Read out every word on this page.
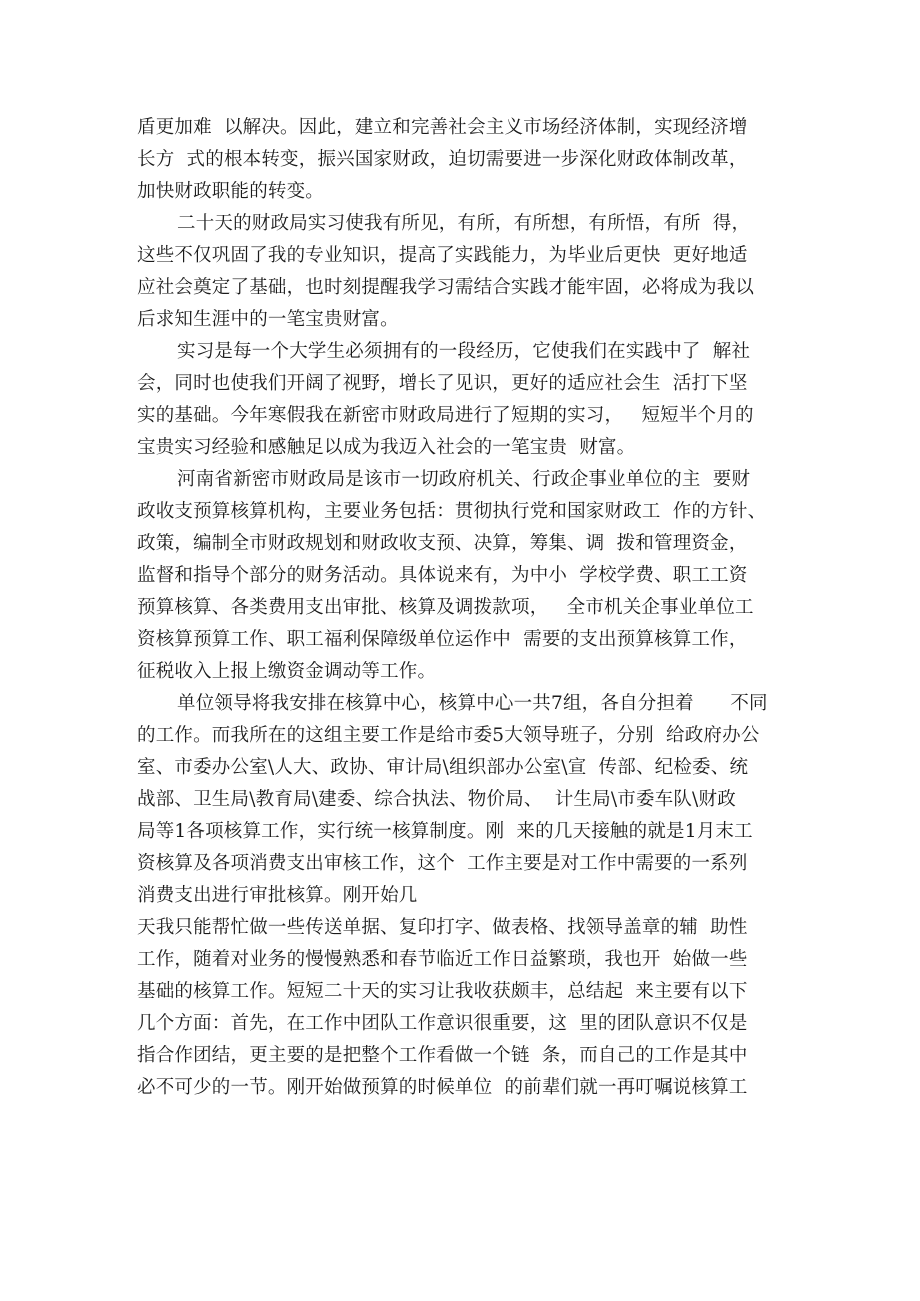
盾更加难  以解决。因此，建立和完善社会主义市场经济体制，实现经济增

长方  式的根本转变，振兴国家财政，迫切需要进一步深化财政体制改革，

加快财政职能的转变。

二十天的财政局实习使我有所见，有所，有所想，有所悟，有所  得，

这些不仅巩固了我的专业知识，提高了实践能力，为毕业后更快  更好地适

应社会奠定了基础，也时刻提醒我学习需结合实践才能牢固，必将成为我以

后求知生涯中的一笔宝贵财富。

实习是每一个大学生必须拥有的一段经历，它使我们在实践中了  解社

会，同时也使我们开阔了视野，增长了见识，更好的适应社会生  活打下坚

实的基础。今年寒假我在新密市财政局进行了短期的实习，   短短半个月的

宝贵实习经验和感触足以成为我迈入社会的一笔宝贵  财富。

河南省新密市财政局是该市一切政府机关、行政企事业单位的主  要财

政收支预算核算机构，主要业务包括：贯彻执行党和国家财政工  作的方针、

政策，编制全市财政规划和财政收支预、决算，筹集、调  拨和管理资金，

监督和指导个部分的财务活动。具体说来有，为中小  学校学费、职工工资

预算核算、各类费用支出审批、核算及调拨款项，   全市机关企事业单位工

资核算预算工作、职工福利保障级单位运作中  需要的支出预算核算工作，

征税收入上报上缴资金调动等工作。

单位领导将我安排在核算中心，核算中心一共7组，各自分担着      不同

的工作。而我所在的这组主要工作是给市委5大领导班子，分别  给政府办公

室、市委办公室\人大、政协、审计局\组织部办公室\宣  传部、纪检委、统

战部、卫生局\教育局\建委、综合执法、物价局、  计生局\市委车队\财政

局等1各项核算工作，实行统一核算制度。刚  来的几天接触的就是1月末工

资核算及各项消费支出审核工作，这个  工作主要是对工作中需要的一系列

消费支出进行审批核算。刚开始几

天我只能帮忙做一些传送单据、复印打字、做表格、找领导盖章的辅  助性

工作，随着对业务的慢慢熟悉和春节临近工作日益繁琐，我也开  始做一些

基础的核算工作。短短二十天的实习让我收获颇丰，总结起  来主要有以下

几个方面：首先，在工作中团队工作意识很重要，这  里的团队意识不仅是

指合作团结，更主要的是把整个工作看做一个链  条，而自己的工作是其中

必不可少的一节。刚开始做预算的时候单位  的前辈们就一再叮嘱说核算工
